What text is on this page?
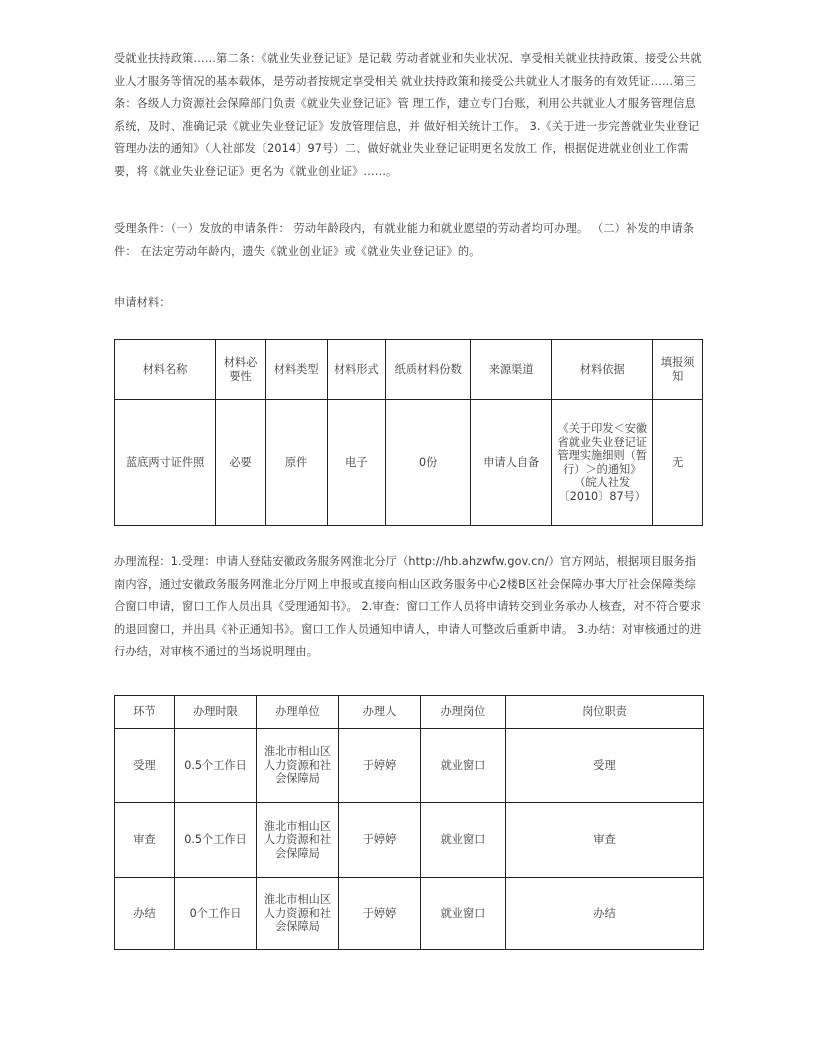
受就业扶持政策……第二条：《就业失业登记证》是记载 劳动者就业和失业状况、享受相关就业扶持政策、接受公共就业人才服务等情况的基本载体，是劳动者按规定享受相关 就业扶持政策和接受公共就业人才服务的有效凭证……第三条：各级人力资源社会保障部门负责《就业失业登记证》管 理工作，建立专门台账，利用公共就业人才服务管理信息系统，及时、准确记录《就业失业登记证》发放管理信息，并 做好相关统计工作。 3.《关于进一步完善就业失业登记管理办法的通知》（人社部发〔2014〕97号）二、做好就业失业登记证明更名发放工 作，根据促进就业创业工作需要，将《就业失业登记证》更名为《就业创业证》……。

受理条件：（一）发放的申请条件： 劳动年龄段内，有就业能力和就业愿望的劳动者均可办理。 （二）补发的申请条件： 在法定劳动年龄内，遗失《就业创业证》或《就业失业登记证》的。

申请材料：

材料名称	材料必要性	材料类型	材料形式	纸质材料份数	来源渠道	材料依据	填报须知
蓝底两寸证件照	必要	原件	电子	0份	申请人自备	《关于印发＜安徽省就业失业登记证管理实施细则（暂行）＞的通知》（皖人社发〔2010〕87号）	无

办理流程：1.受理：申请人登陆安徽政务服务网淮北分厅（http://hb.ahzwfw.gov.cn/）官方网站，根据项目服务指南内容，通过安徽政务服务网淮北分厅网上申报或直接向相山区政务服务中心2楼B区社会保障办事大厅社会保障类综合窗口申请，窗口工作人员出具《受理通知书》。 2.审查：窗口工作人员将申请转交到业务承办人核查，对不符合要求的退回窗口，并出具《补正通知书》。窗口工作人员通知申请人，申请人可整改后重新申请。 3.办结：对审核通过的进行办结，对审核不通过的当场说明理由。

环节	办理时限	办理单位	办理人	办理岗位	岗位职责
受理	0.5个工作日	淮北市相山区人力资源和社会保障局	于婷婷	就业窗口	受理
审查	0.5个工作日	淮北市相山区人力资源和社会保障局	于婷婷	就业窗口	审查
办结	0个工作日	淮北市相山区人力资源和社会保障局	于婷婷	就业窗口	办结
